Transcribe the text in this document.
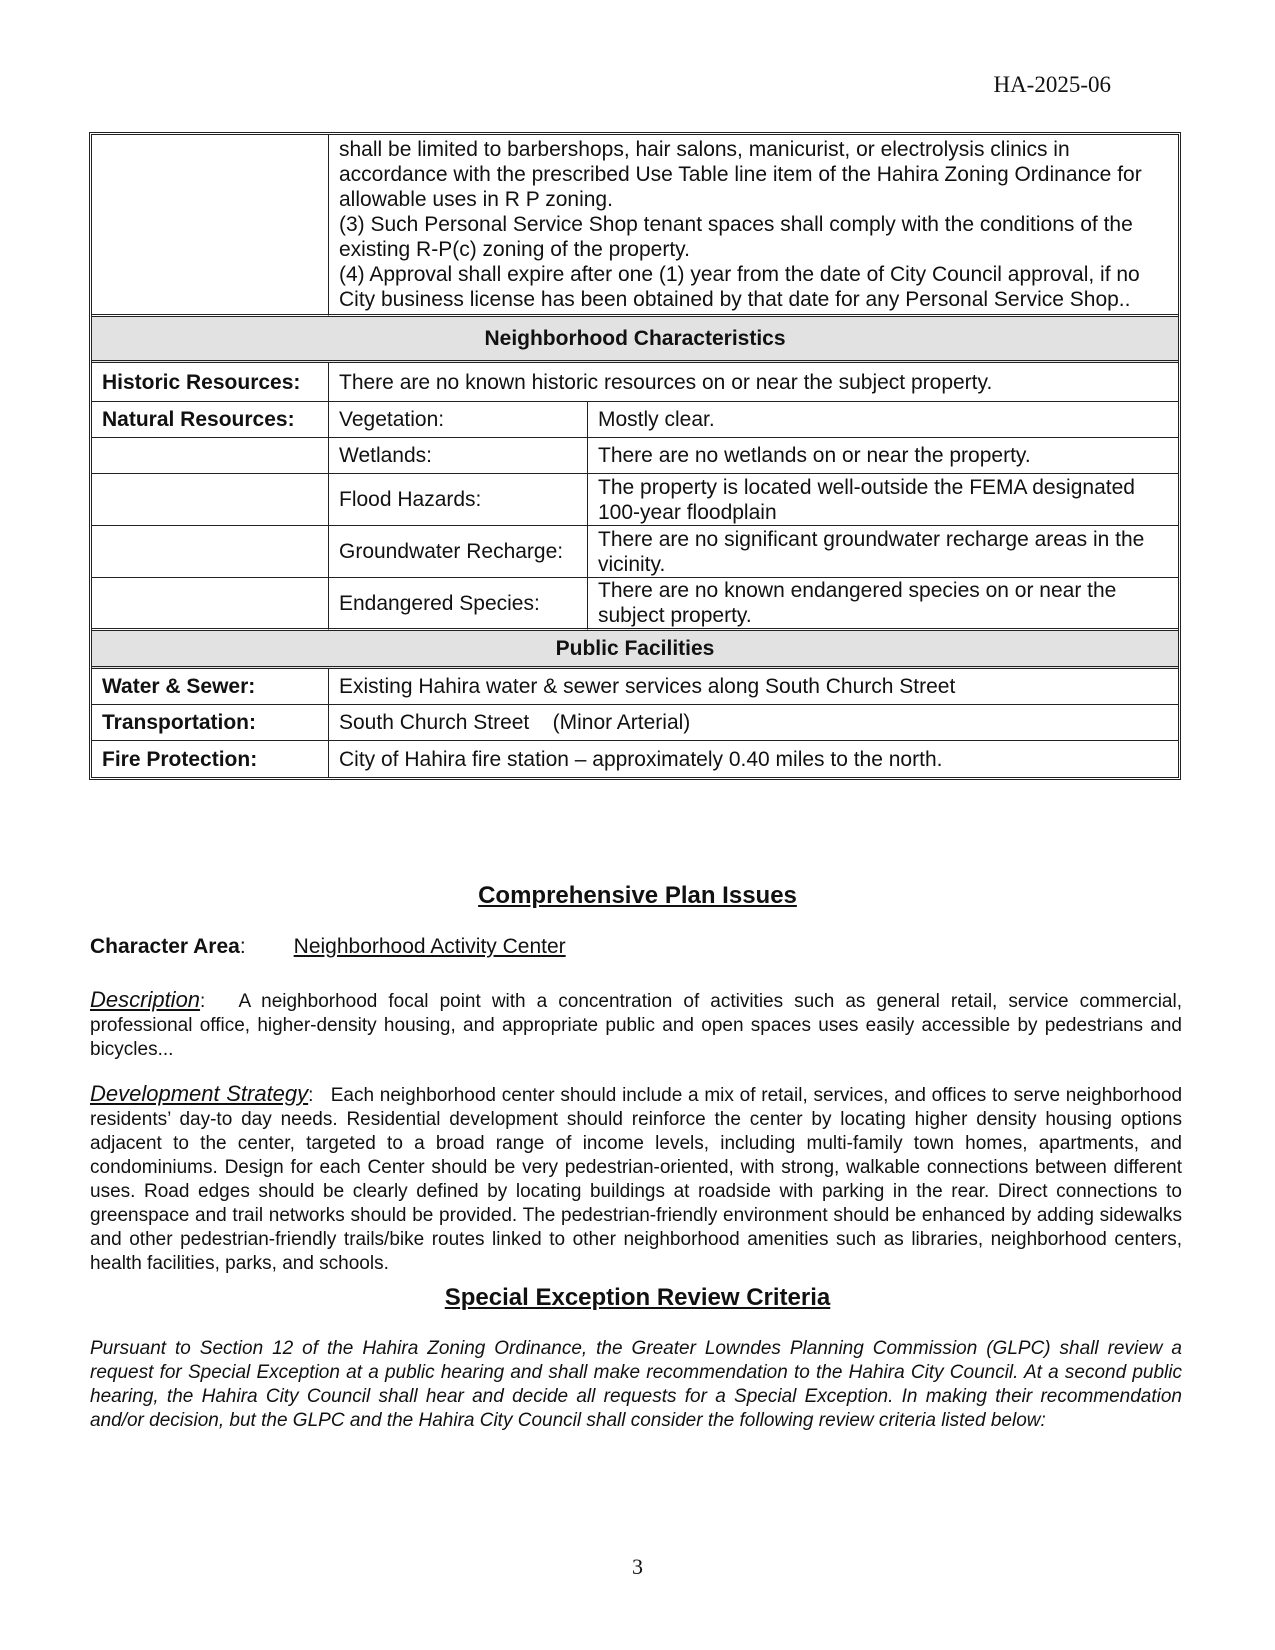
HA-2025-06

	shall be limited to barbershops, hair salons, manicurist, or electrolysis clinics in accordance with the prescribed Use Table line item of the Hahira Zoning Ordinance for allowable uses in R P zoning.

(3) Such Personal Service Shop tenant spaces shall comply with the conditions of the existing R-P(c) zoning of the property.

(4) Approval shall expire after one (1) year from the date of City Council approval, if no City business license has been obtained by that date for any Personal Service Shop..	

Neighborhood Characteristics		
Historic Resources:	There are no known historic resources on or near the subject property.	
Natural Resources:	Vegetation:	Mostly clear.
	Wetlands:	There are no wetlands on or near the property.
	Flood Hazards:	The property is located well-outside the FEMA designated 100-year floodplain
	Groundwater Recharge:	There are no significant groundwater recharge areas in the vicinity.
	Endangered Species:	There are no known endangered species on or near the subject property.
Public Facilities		
Water & Sewer:	Existing Hahira water & sewer services along South Church Street	
Transportation:	South Church Street    (Minor Arterial)	
Fire Protection:	City of Hahira fire station – approximately 0.40 miles to the north.	
Comprehensive Plan Issues

Character Area: Neighborhood Activity Center

Description:   A neighborhood focal point with a concentration of activities such as general retail, service commercial, professional office, higher-density housing, and appropriate public and open spaces uses easily accessible by pedestrians and bicycles...

Development Strategy:   Each neighborhood center should include a mix of retail, services, and offices to serve neighborhood residents’ day-to day needs. Residential development should reinforce the center by locating higher density housing options adjacent to the center, targeted to a broad range of income levels, including multi-family town homes, apartments, and condominiums. Design for each Center should be very pedestrian-oriented, with strong, walkable connections between different uses. Road edges should be clearly defined by locating buildings at roadside with parking in the rear. Direct connections to greenspace and trail networks should be provided. The pedestrian-friendly environment should be enhanced by adding sidewalks and other pedestrian-friendly trails/bike routes linked to other neighborhood amenities such as libraries, neighborhood centers, health facilities, parks, and schools.

Special Exception Review Criteria

Pursuant to Section 12 of the Hahira Zoning Ordinance, the Greater Lowndes Planning Commission (GLPC) shall review a request for Special Exception at a public hearing and shall make recommendation to the Hahira City Council. At a second public hearing, the Hahira City Council shall hear and decide all requests for a Special Exception. In making their recommendation and/or decision, but the GLPC and the Hahira City Council shall consider the following review criteria listed below:

3
